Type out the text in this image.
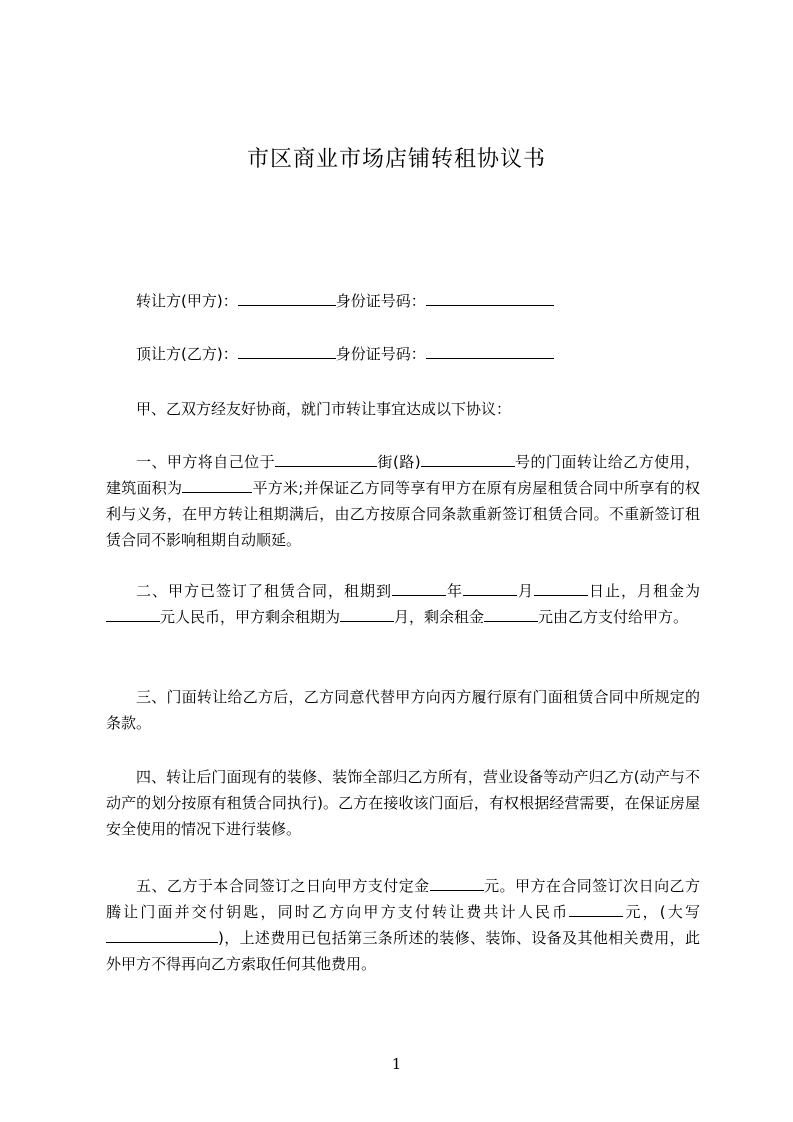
市区商业市场店铺转租协议书
转让方(甲方)：	身份证号码：
顶让方(乙方)：	身份证号码：
甲、乙双方经友好协商，就门市转让事宜达成以下协议：
一、甲方将自己位于	街(路)	号的门面转让给乙方使用，建筑面积为	平方米;并保证乙方同等享有甲方在原有房屋租赁合同中所享有的权利与义务，在甲方转让租期满后，由乙方按原合同条款重新签订租赁合同。不重新签订租赁合同不影响租期自动顺延。
二、甲方已签订了租赁合同，租期到	年	月	日止，月租金为元人民币，甲方剩余租期为	月，剩余租金	元由乙方支付给甲方。
三、门面转让给乙方后，乙方同意代替甲方向丙方履行原有门面租赁合同中所规定的条款。
四、转让后门面现有的装修、装饰全部归乙方所有，营业设备等动产归乙方(动产与不动产的划分按原有租赁合同执行)。乙方在接收该门面后，有权根据经营需要，在保证房屋安全使用的情况下进行装修。
五、乙方于本合同签订之日向甲方支付定金	元。甲方在合同签订次日向乙方腾让门面并交付钥匙，同时乙方向甲方支付转让费共计人民币	元，(大写)，上述费用已包括第三条所述的装修、装饰、设备及其他相关费用，此外甲方不得再向乙方索取任何其他费用。
1
